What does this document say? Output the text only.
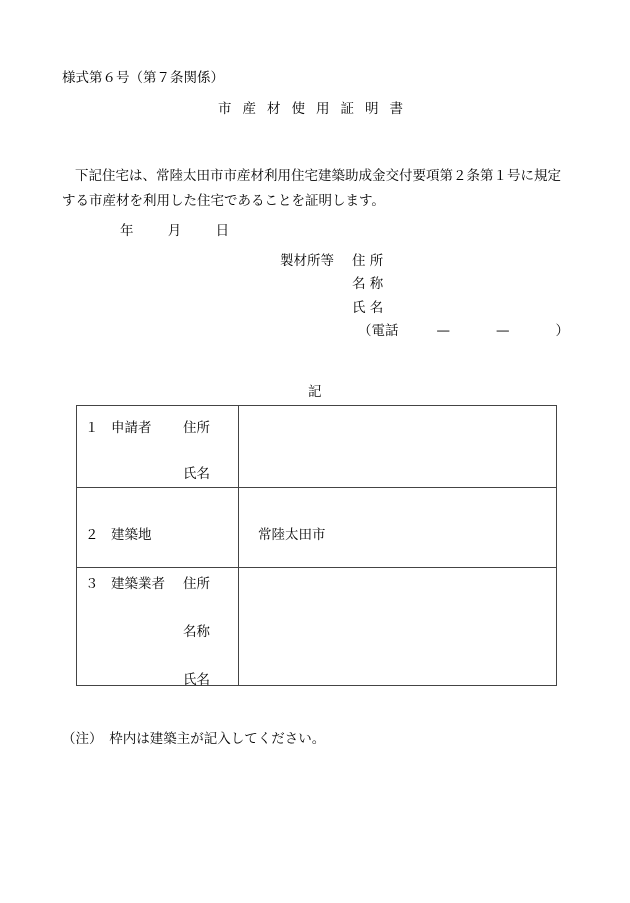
様式第６号（第７条関係）
市産材使用証明書
下記住宅は、常陸太田市市産材利用住宅建築助成金交付要項第２条第１号に規定する市産材を利用した住宅であることを証明します。
年	月	日
製材所等 住 所
名 称
氏 名
（電話	—	—	）
記
１ 申請者 住所
氏名	

２ 建築地	常陸太田市

３ 建築業者 住所
名称
氏名	

（注）　枠内は建築主が記入してください。
